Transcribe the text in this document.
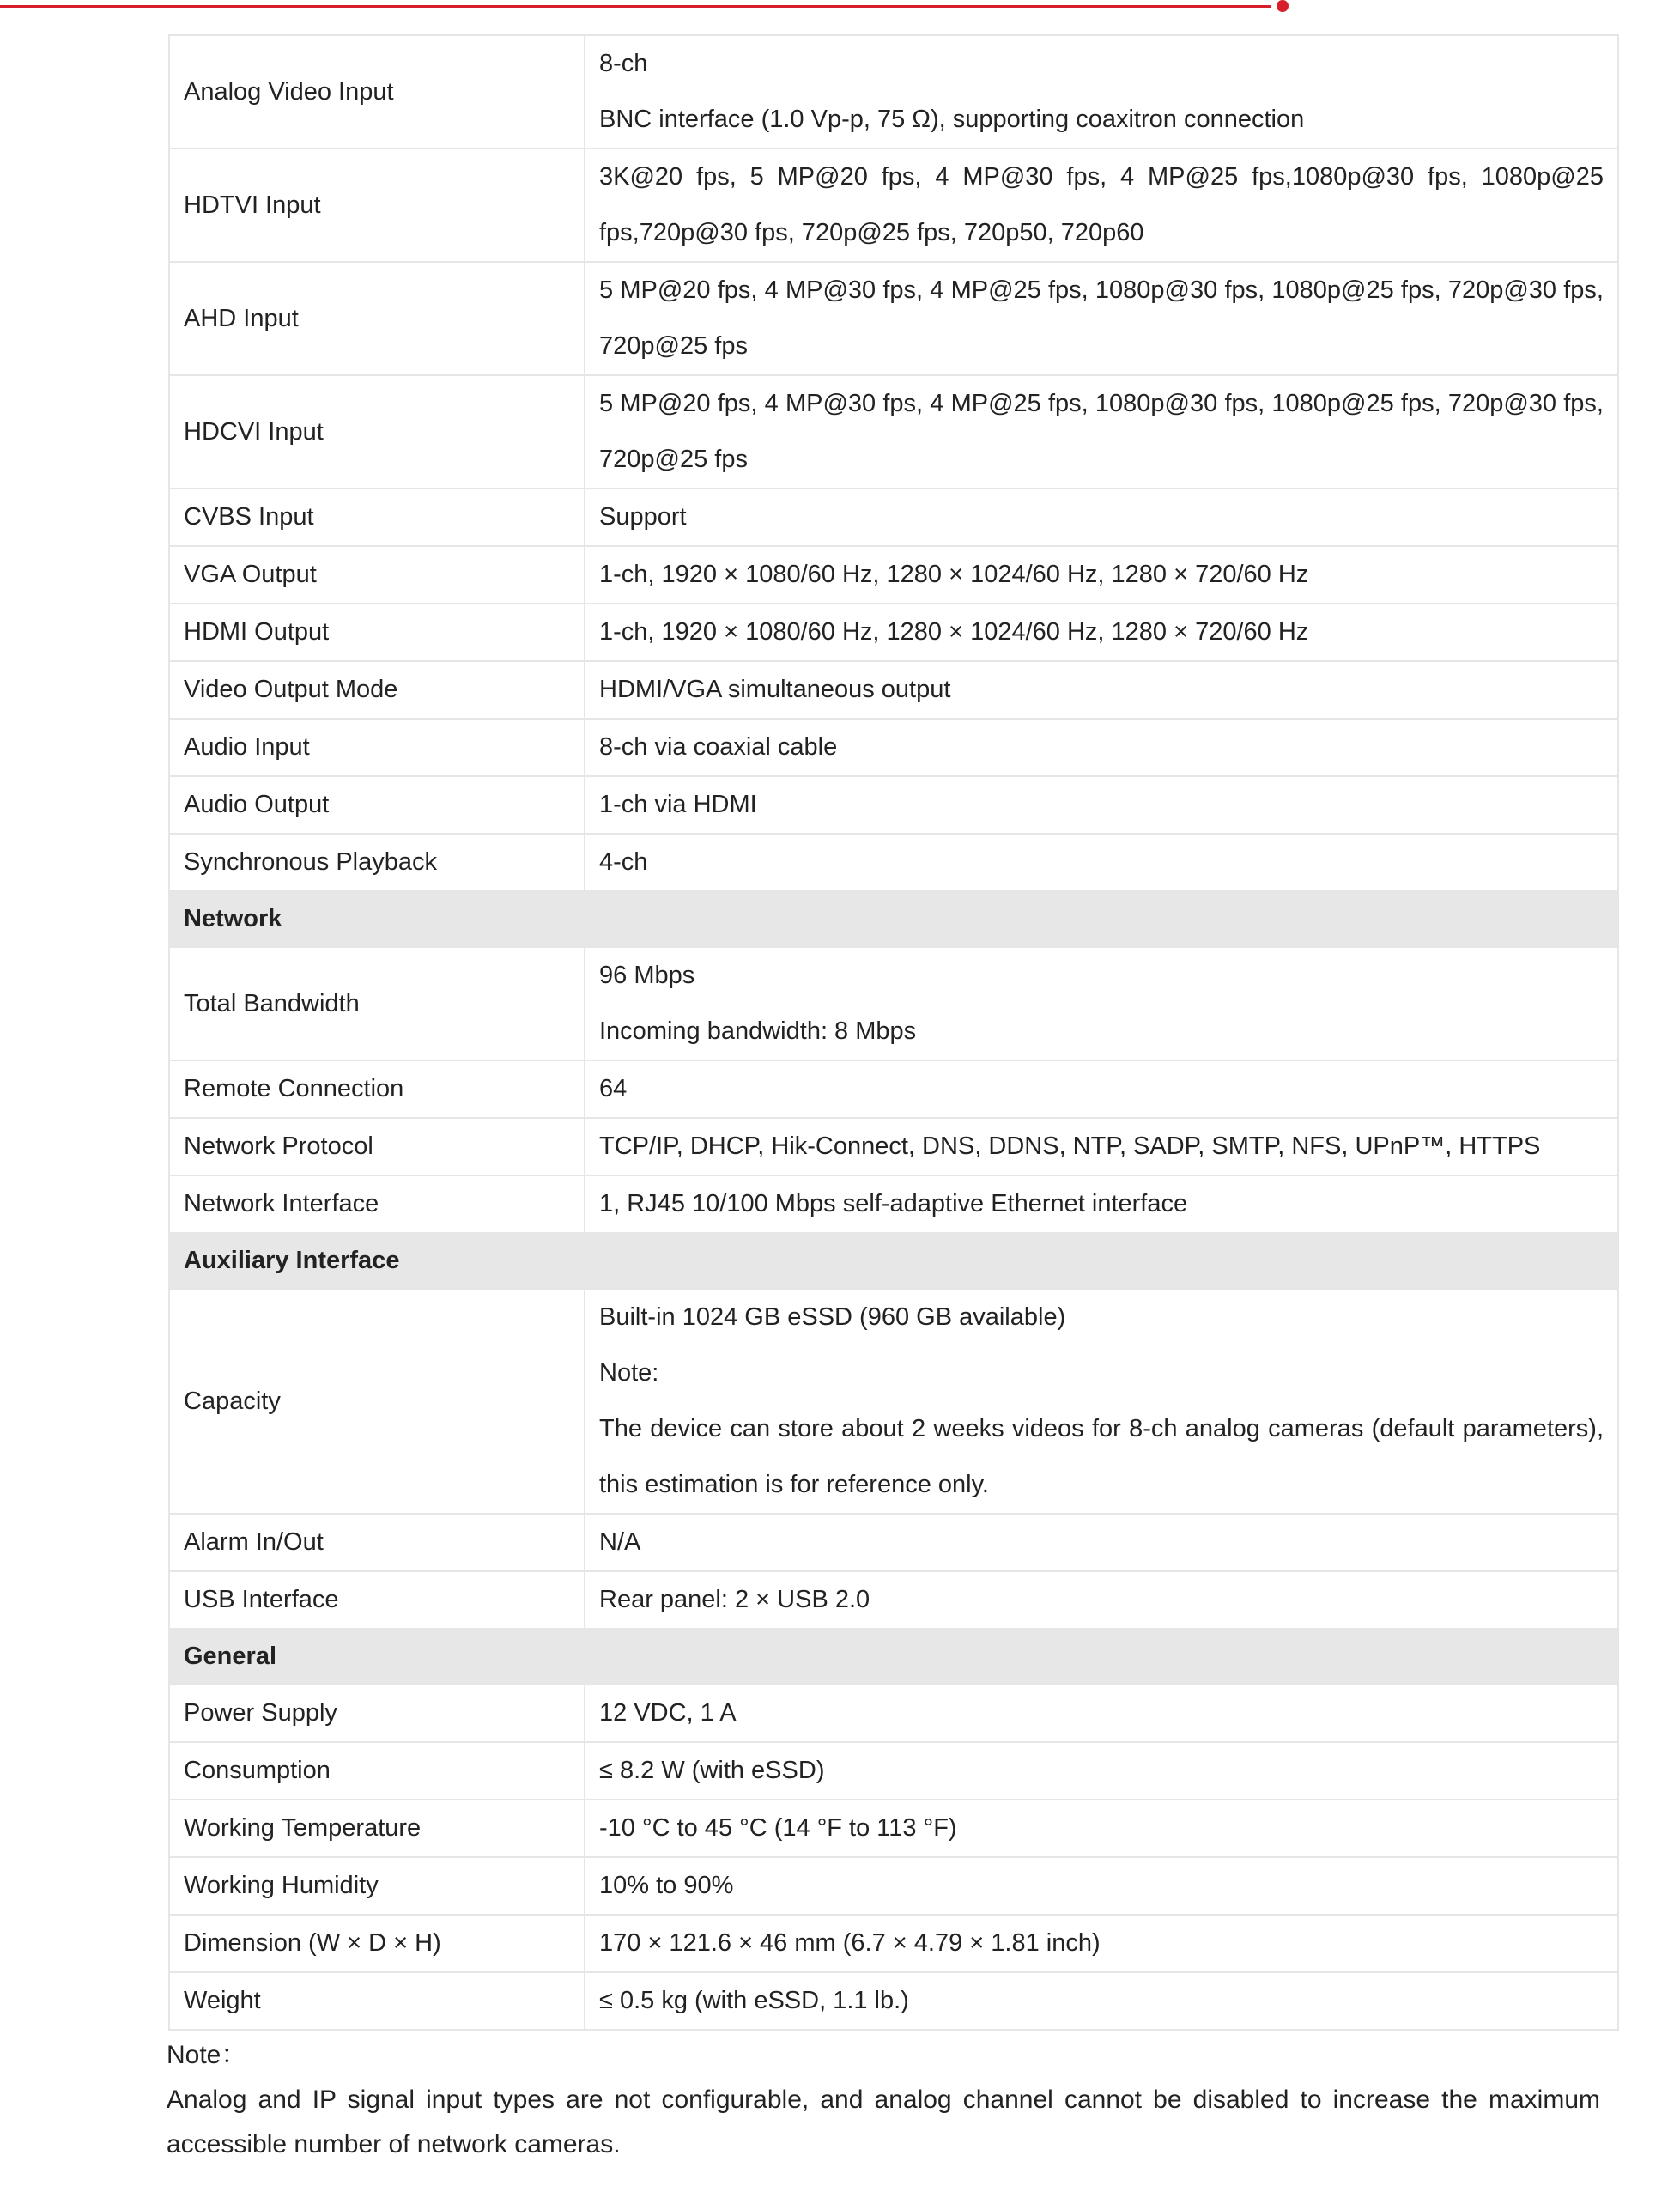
Analog Video Input	8-ch
BNC interface (1.0 Vp-p, 75 Ω), supporting coaxitron connection

HDTVI Input	3K@20 fps, 5 MP@20 fps, 4 MP@30 fps, 4 MP@25 fps,1080p@30 fps, 1080p@25 fps,720p@30 fps, 720p@25 fps, 720p50, 720p60
AHD Input	5 MP@20 fps, 4 MP@30 fps, 4 MP@25 fps, 1080p@30 fps, 1080p@25 fps, 720p@30 fps, 720p@25 fps
HDCVI Input	5 MP@20 fps, 4 MP@30 fps, 4 MP@25 fps, 1080p@30 fps, 1080p@25 fps, 720p@30 fps, 720p@25 fps
CVBS Input	Support
VGA Output	1-ch, 1920 × 1080/60 Hz, 1280 × 1024/60 Hz, 1280 × 720/60 Hz
HDMI Output	1-ch, 1920 × 1080/60 Hz, 1280 × 1024/60 Hz, 1280 × 720/60 Hz
Video Output Mode	HDMI/VGA simultaneous output
Audio Input	8-ch via coaxial cable
Audio Output	1-ch via HDMI
Synchronous Playback	4-ch
Network	
Total Bandwidth	96 Mbps
Incoming bandwidth: 8 Mbps

Remote Connection	64
Network Protocol	TCP/IP, DHCP, Hik-Connect, DNS, DDNS, NTP, SADP, SMTP, NFS, UPnP™, HTTPS
Network Interface	1, RJ45 10/100 Mbps self-adaptive Ethernet interface
Auxiliary Interface	
Capacity	Built-in 1024 GB eSSD (960 GB available)
Note:
The device can store about 2 weeks videos for 8-ch analog cameras (default parameters), this estimation is for reference only.

Alarm In/Out	N/A
USB Interface	Rear panel: 2 × USB 2.0
General	
Power Supply	12 VDC, 1 A
Consumption	≤ 8.2 W (with eSSD)
Working Temperature	-10 °C to 45 °C (14 °F to 113 °F)
Working Humidity	10% to 90%
Dimension (W × D × H)	170 × 121.6 × 46 mm (6.7 × 4.79 × 1.81 inch)
Weight	≤ 0.5 kg (with eSSD, 1.1 lb.)
Note：
Analog and IP signal input types are not configurable, and analog channel cannot be disabled to increase the maximum accessible number of network cameras.
